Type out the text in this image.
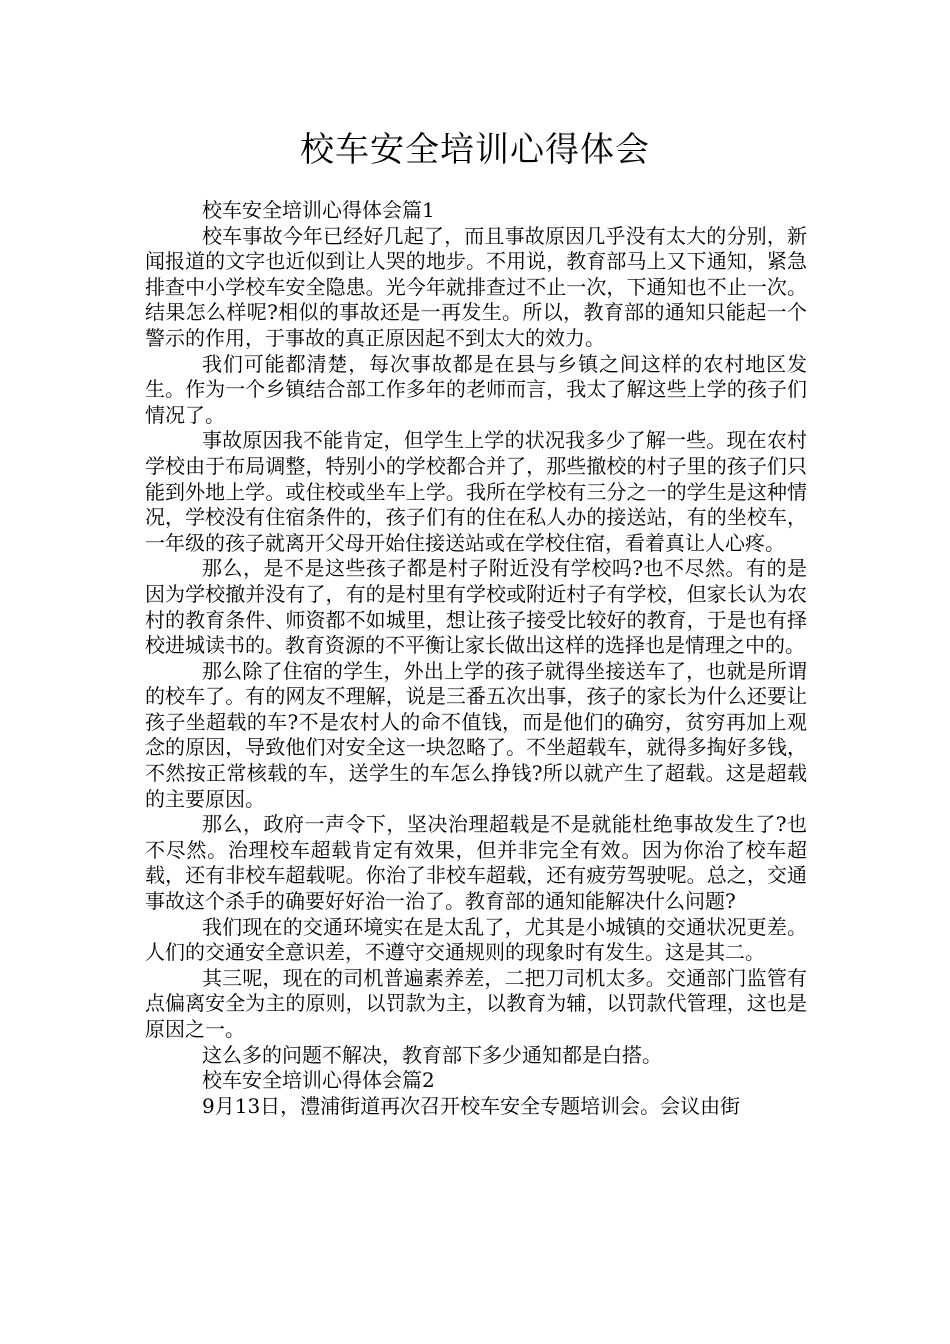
校车安全培训心得体会

校车安全培训心得体会篇1

校车事故今年已经好几起了，而且事故原因几乎没有太大的分别，新闻报道的文字也近似到让人哭的地步。不用说，教育部马上又下通知，紧急排查中小学校车安全隐患。光今年就排查过不止一次，下通知也不止一次。结果怎么样呢?相似的事故还是一再发生。所以，教育部的通知只能起一个警示的作用，于事故的真正原因起不到太大的效力。

我们可能都清楚，每次事故都是在县与乡镇之间这样的农村地区发生。作为一个乡镇结合部工作多年的老师而言，我太了解这些上学的孩子们情况了。

事故原因我不能肯定，但学生上学的状况我多少了解一些。现在农村学校由于布局调整，特别小的学校都合并了，那些撤校的村子里的孩子们只能到外地上学。或住校或坐车上学。我所在学校有三分之一的学生是这种情况，学校没有住宿条件的，孩子们有的住在私人办的接送站，有的坐校车，一年级的孩子就离开父母开始住接送站或在学校住宿，看着真让人心疼。

那么，是不是这些孩子都是村子附近没有学校吗?也不尽然。有的是因为学校撤并没有了，有的是村里有学校或附近村子有学校，但家长认为农村的教育条件、师资都不如城里，想让孩子接受比较好的教育，于是也有择校进城读书的。教育资源的不平衡让家长做出这样的选择也是情理之中的。

那么除了住宿的学生，外出上学的孩子就得坐接送车了，也就是所谓的校车了。有的网友不理解，说是三番五次出事，孩子的家长为什么还要让孩子坐超载的车?不是农村人的命不值钱，而是他们的确穷，贫穷再加上观念的原因，导致他们对安全这一块忽略了。不坐超载车，就得多掏好多钱，不然按正常核载的车，送学生的车怎么挣钱?所以就产生了超载。这是超载的主要原因。

那么，政府一声令下，坚决治理超载是不是就能杜绝事故发生了?也不尽然。治理校车超载肯定有效果，但并非完全有效。因为你治了校车超载，还有非校车超载呢。你治了非校车超载，还有疲劳驾驶呢。总之，交通事故这个杀手的确要好好治一治了。教育部的通知能解决什么问题?

我们现在的交通环境实在是太乱了，尤其是小城镇的交通状况更差。人们的交通安全意识差，不遵守交通规则的现象时有发生。这是其二。

其三呢，现在的司机普遍素养差，二把刀司机太多。交通部门监管有点偏离安全为主的原则，以罚款为主，以教育为辅，以罚款代管理，这也是原因之一。

这么多的问题不解决，教育部下多少通知都是白搭。

校车安全培训心得体会篇2

9月13日，澧浦街道再次召开校车安全专题培训会。会议由街
